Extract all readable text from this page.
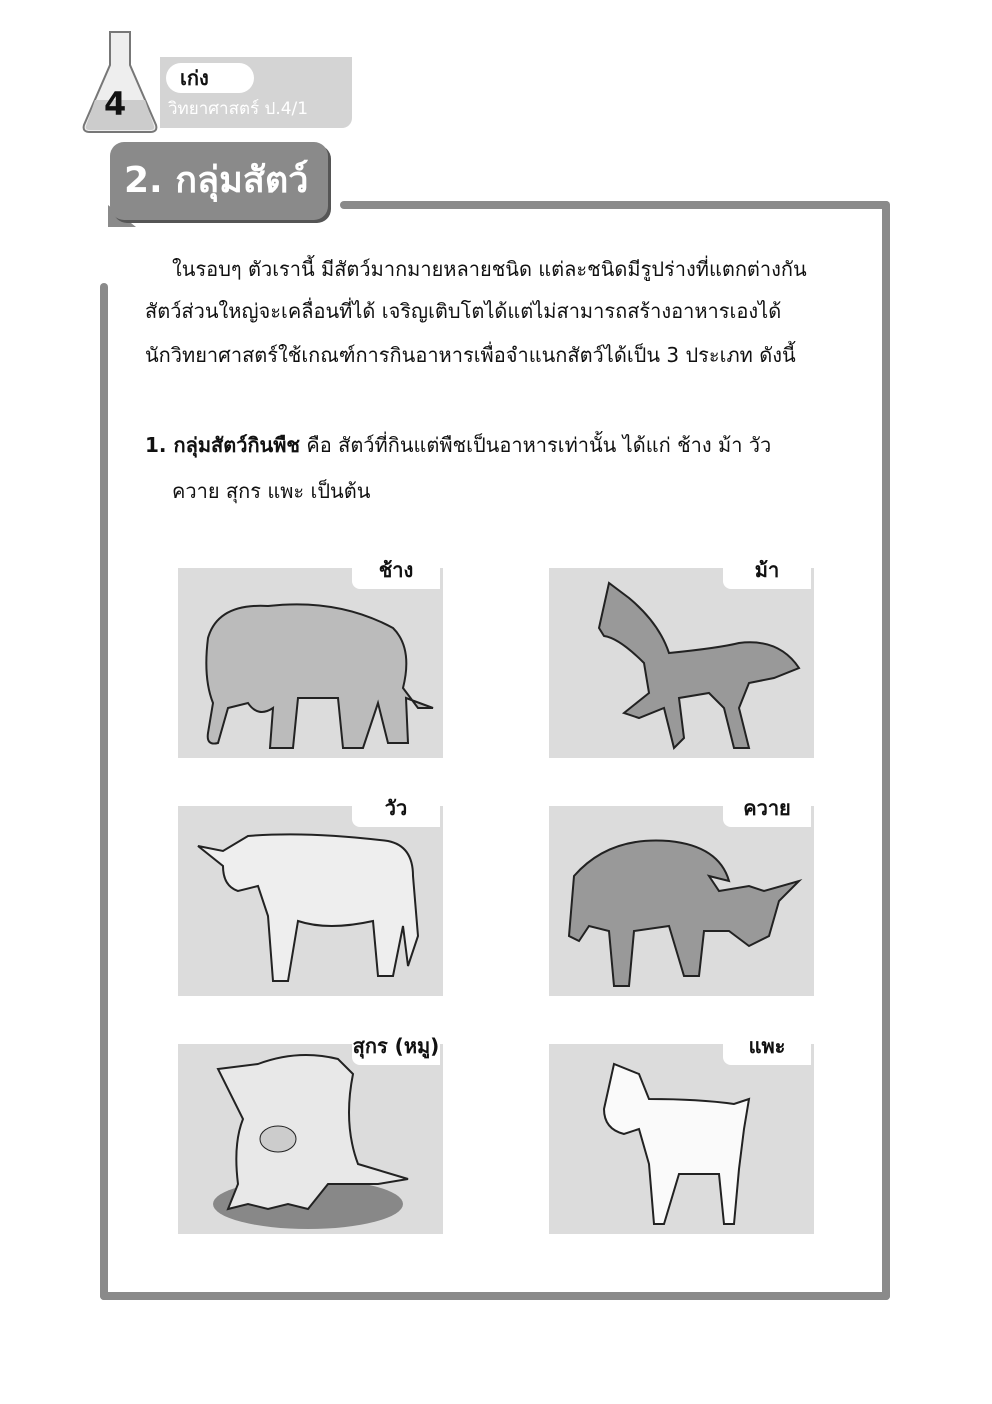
4
เก่ง
วิทยาศาสตร์ ป.4/1
2. กลุ่มสัตว์
ในรอบๆ ตัวเรานี้ มีสัตว์มากมายหลายชนิด แต่ละชนิดมีรูปร่างที่แตกต่างกัน
สัตว์ส่วนใหญ่จะเคลื่อนที่ได้ เจริญเติบโตได้แต่ไม่สามารถสร้างอาหารเองได้
นักวิทยาศาสตร์ใช้เกณฑ์การกินอาหารเพื่อจำแนกสัตว์ได้เป็น 3 ประเภท ดังนี้
1. กลุ่มสัตว์กินพืช คือ สัตว์ที่กินแต่พืชเป็นอาหารเท่านั้น ได้แก่ ช้าง ม้า วัว
ควาย สุกร แพะ เป็นต้น
ช้าง	ม้า
วัว	ควาย
สุกร (หมู)	แพะ
